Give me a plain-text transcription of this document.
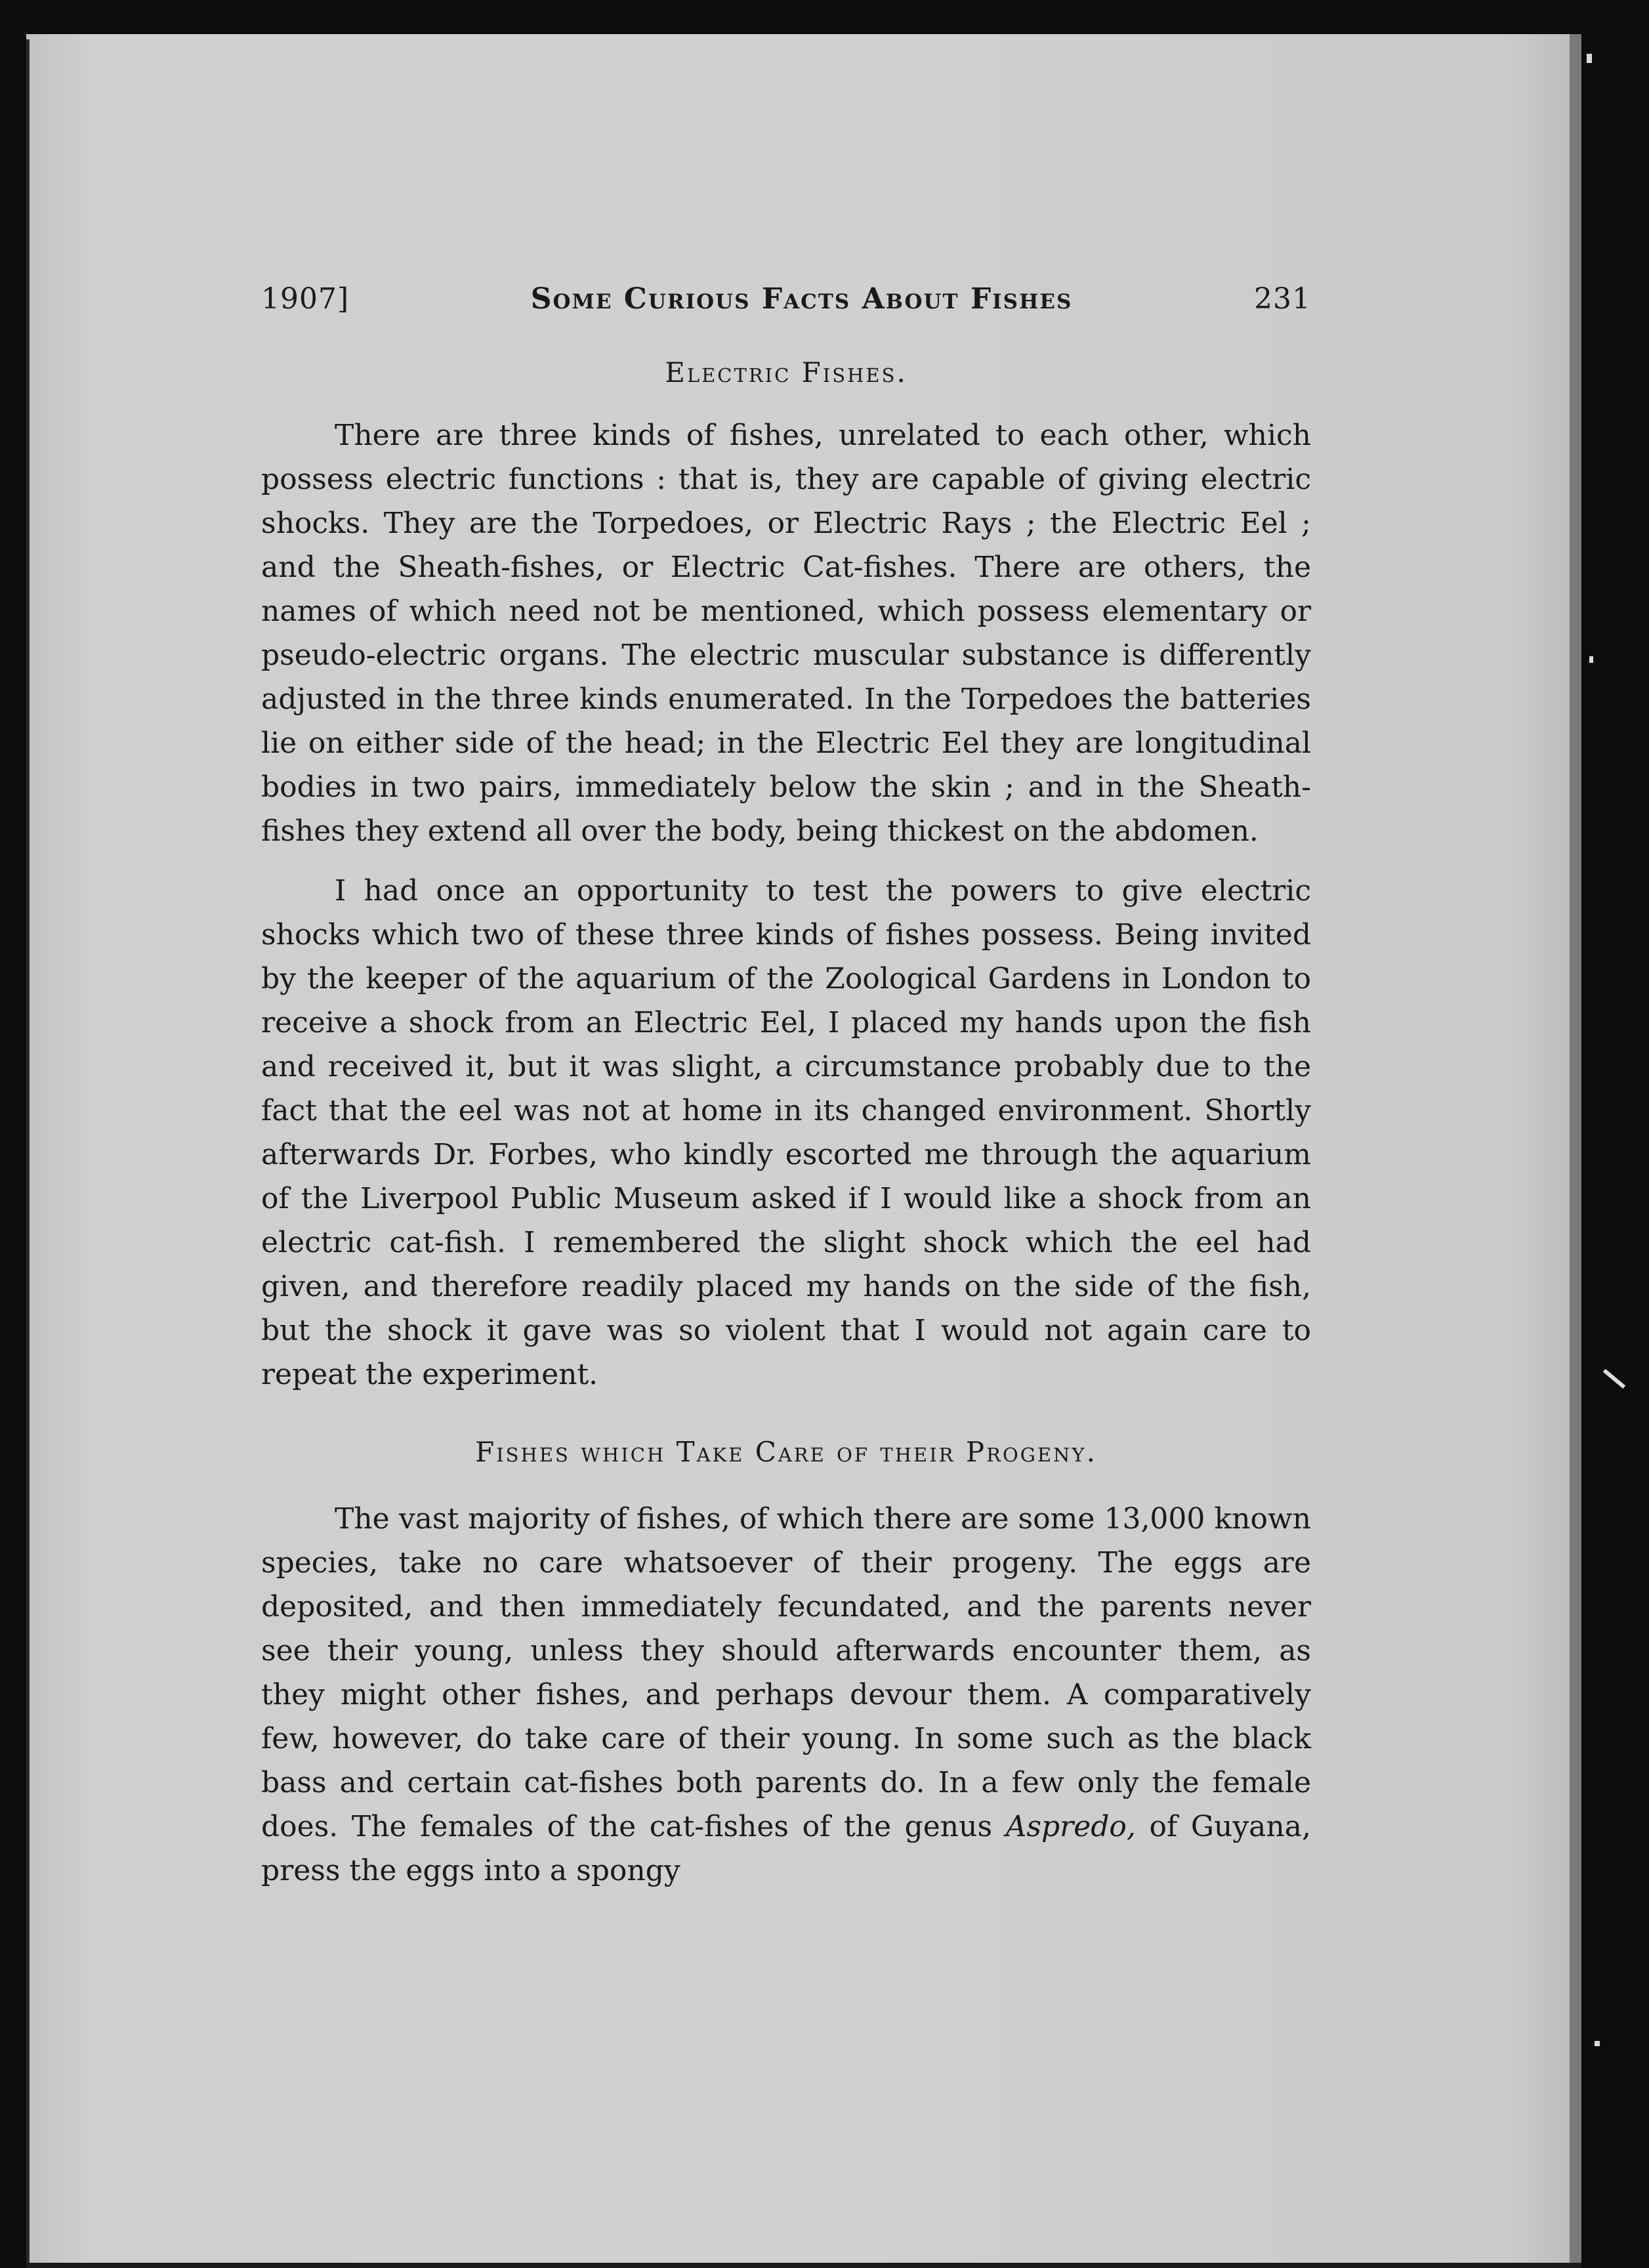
1907]	Some Curious Facts About Fishes	231
Electric Fishes.

There are three kinds of fishes, unrelated to each other, which possess electric functions : that is, they are capable of giving electric shocks. They are the Torpedoes, or Electric Rays ; the Electric Eel ; and the Sheath-fishes, or Electric Cat-fishes. There are others, the names of which need not be mentioned, which possess elementary or pseudo-electric organs. The electric muscular substance is differently adjusted in the three kinds enumerated. In the Torpedoes the batteries lie on either side of the head; in the Electric Eel they are longitudinal bodies in two pairs, immediately below the skin ; and in the Sheath-fishes they extend all over the body, being thickest on the abdomen.

I had once an opportunity to test the powers to give electric shocks which two of these three kinds of fishes possess. Being invited by the keeper of the aquarium of the Zoological Gardens in London to receive a shock from an Electric Eel, I placed my hands upon the fish and received it, but it was slight, a circumstance probably due to the fact that the eel was not at home in its changed environment. Shortly afterwards Dr. Forbes, who kindly escorted me through the aquarium of the Liverpool Public Museum asked if I would like a shock from an electric cat-fish. I remembered the slight shock which the eel had given, and therefore readily placed my hands on the side of the fish, but the shock it gave was so violent that I would not again care to repeat the experiment.

Fishes which Take Care of their Progeny.

The vast majority of fishes, of which there are some 13,000 known species, take no care whatsoever of their progeny. The eggs are deposited, and then immediately fecundated, and the parents never see their young, unless they should afterwards encounter them, as they might other fishes, and perhaps devour them. A comparatively few, however, do take care of their young. In some such as the black bass and certain cat-fishes both parents do. In a few only the female does. The females of the cat-fishes of the genus Aspredo, of Guyana, press the eggs into a spongy
